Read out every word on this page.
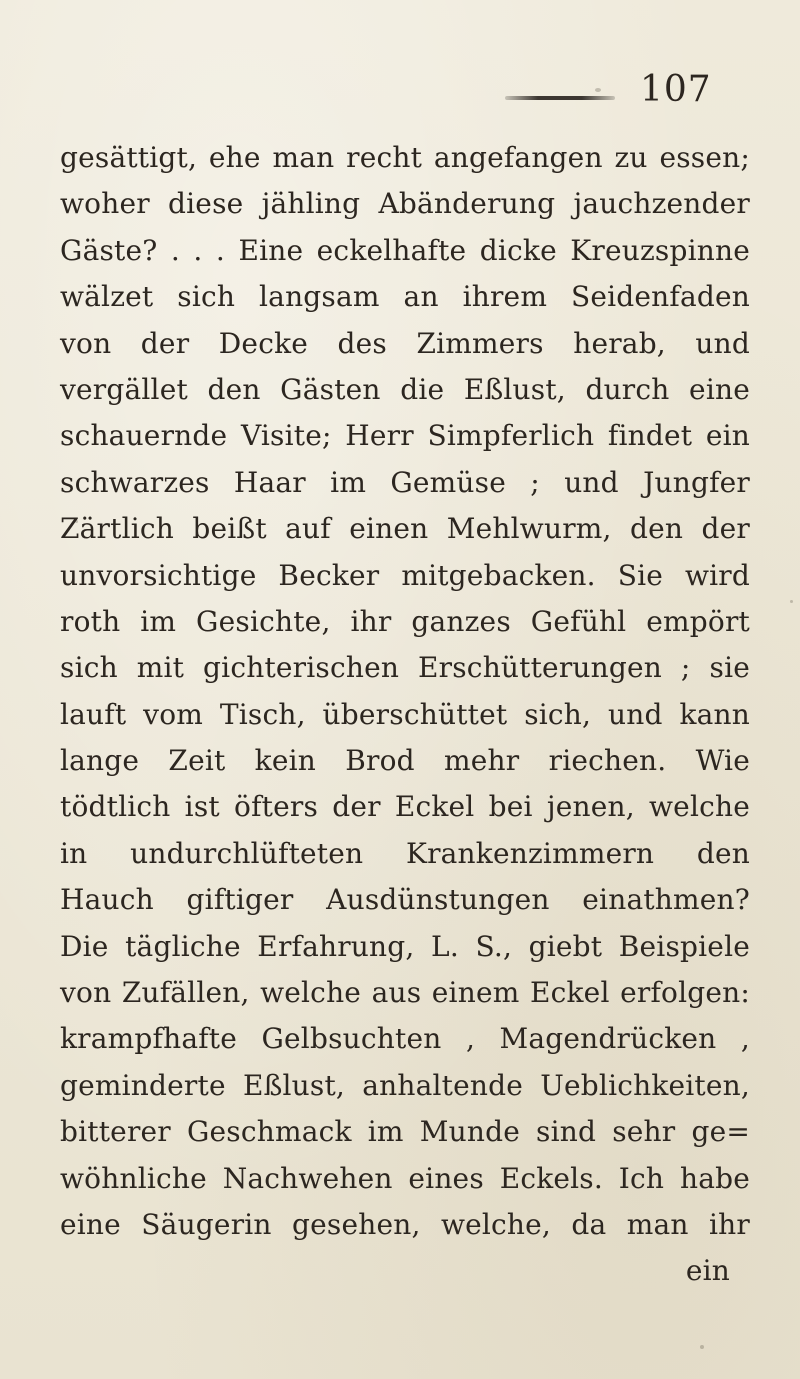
107
gesättigt, ehe man recht angefangen zu essen;
woher diese jähling Abänderung jauchzender
Gäste? . . . Eine eckelhafte dicke Kreuzspinne
wälzet sich langsam an ihrem Seidenfaden
von der Decke des Zimmers herab, und
vergället den Gästen die Eßlust, durch eine
schauernde Visite; Herr Simpferlich findet ein
schwarzes Haar im Gemüse ; und Jungfer
Zärtlich beißt auf einen Mehlwurm, den der
unvorsichtige Becker mitgebacken. Sie wird
roth im Gesichte, ihr ganzes Gefühl empört
sich mit gichterischen Erschütterungen ; sie
lauft vom Tisch, überschüttet sich, und kann
lange Zeit kein Brod mehr riechen. Wie
tödtlich ist öfters der Eckel bei jenen, welche
in undurchlüfteten Krankenzimmern den
Hauch giftiger Ausdünstungen einathmen?
Die tägliche Erfahrung, L. S., giebt Beispiele
von Zufällen, welche aus einem Eckel erfolgen:
krampfhafte Gelbsuchten , Magendrücken ,
geminderte Eßlust, anhaltende Ueblichkeiten,
bitterer Geschmack im Munde sind sehr ge=
wöhnliche Nachwehen eines Eckels. Ich habe
eine Säugerin gesehen, welche, da man ihr
ein
